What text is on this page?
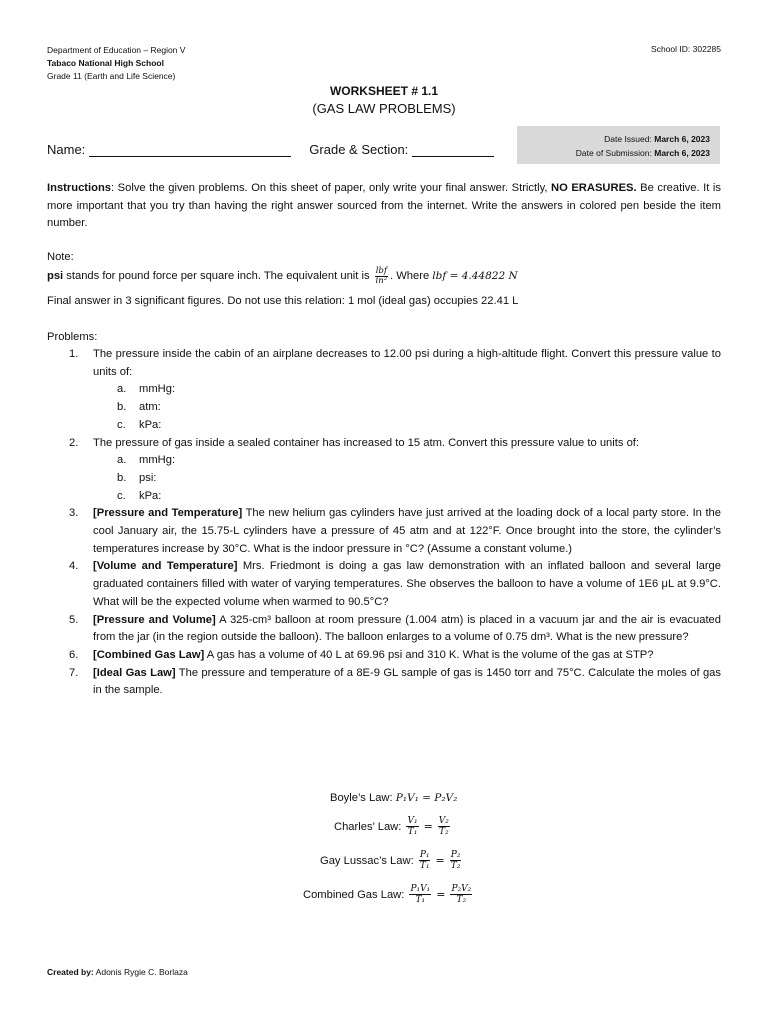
Department of Education – Region V
Tabaco National High School
Grade 11 (Earth and Life Science)
School ID: 302285
WORKSHEET # 1.1
(GAS LAW PROBLEMS)
Name:	Grade & Section:
Date Issued: March 6, 2023
Date of Submission: March 6, 2023
Instructions: Solve the given problems. On this sheet of paper, only write your final answer. Strictly, NO ERASURES. Be creative. It is more important that you try than having the right answer sourced from the internet. Write the answers in colored pen beside the item number.
Note:
psi stands for pound force per square inch. The equivalent unit is $\frac{\text{lbf}}{\text{in²}}$ . Where lbf = 4.44822 N
Final answer in 3 significant figures. Do not use this relation: 1 mol (ideal gas) occupies 22.41 L
Problems:
1. The pressure inside the cabin of an airplane decreases to 12.00 psi during a high-altitude flight. Convert this pressure value to units of:
a. mmHg:
b. atm:
c. kPa:
2. The pressure of gas inside a sealed container has increased to 15 atm. Convert this pressure value to units of:
a. mmHg:
b. psi:
c. kPa:
3. [Pressure and Temperature] The new helium gas cylinders have just arrived at the loading dock of a local party store. In the cool January air, the 15.75-L cylinders have a pressure of 45 atm and at 122°F. Once brought into the store, the cylinder’s temperatures increase by 30°C. What is the indoor pressure in °C? (Assume a constant volume.)
4. [Volume and Temperature] Mrs. Friedmont is doing a gas law demonstration with an inflated balloon and several large graduated containers filled with water of varying temperatures. She observes the balloon to have a volume of 1E6 μL at 9.9°C. What will be the expected volume when warmed to 90.5°C?
5. [Pressure and Volume] A 325-cm³ balloon at room pressure (1.004 atm) is placed in a vacuum jar and the air is evacuated from the jar (in the region outside the balloon). The balloon enlarges to a volume of 0.75 dm³. What is the new pressure?
6. [Combined Gas Law] A gas has a volume of 40 L at 69.96 psi and 310 K. What is the volume of the gas at STP?
7. [Ideal Gas Law] The pressure and temperature of a 8E-9 GL sample of gas is 1450 torr and 75°C. Calculate the moles of gas in the sample.
Boyle’s Law: P₁V₁ = P₂V₂
Charles’ Law: $\frac{\text{V₁}}{\text{T₁}} = \frac{\text{V₂}}{\text{T₂}}$
Gay Lussac’s Law: $\frac{\text{P₁}}{\text{T₁}} = \frac{\text{P₂}}{\text{T₂}}$
Combined Gas Law: $\frac{\text{P₁V₁}}{\text{T₁}} = \frac{\text{P₂V₂}}{\text{T₂}}$
Created by: Adonis Rygie C. Borlaza
